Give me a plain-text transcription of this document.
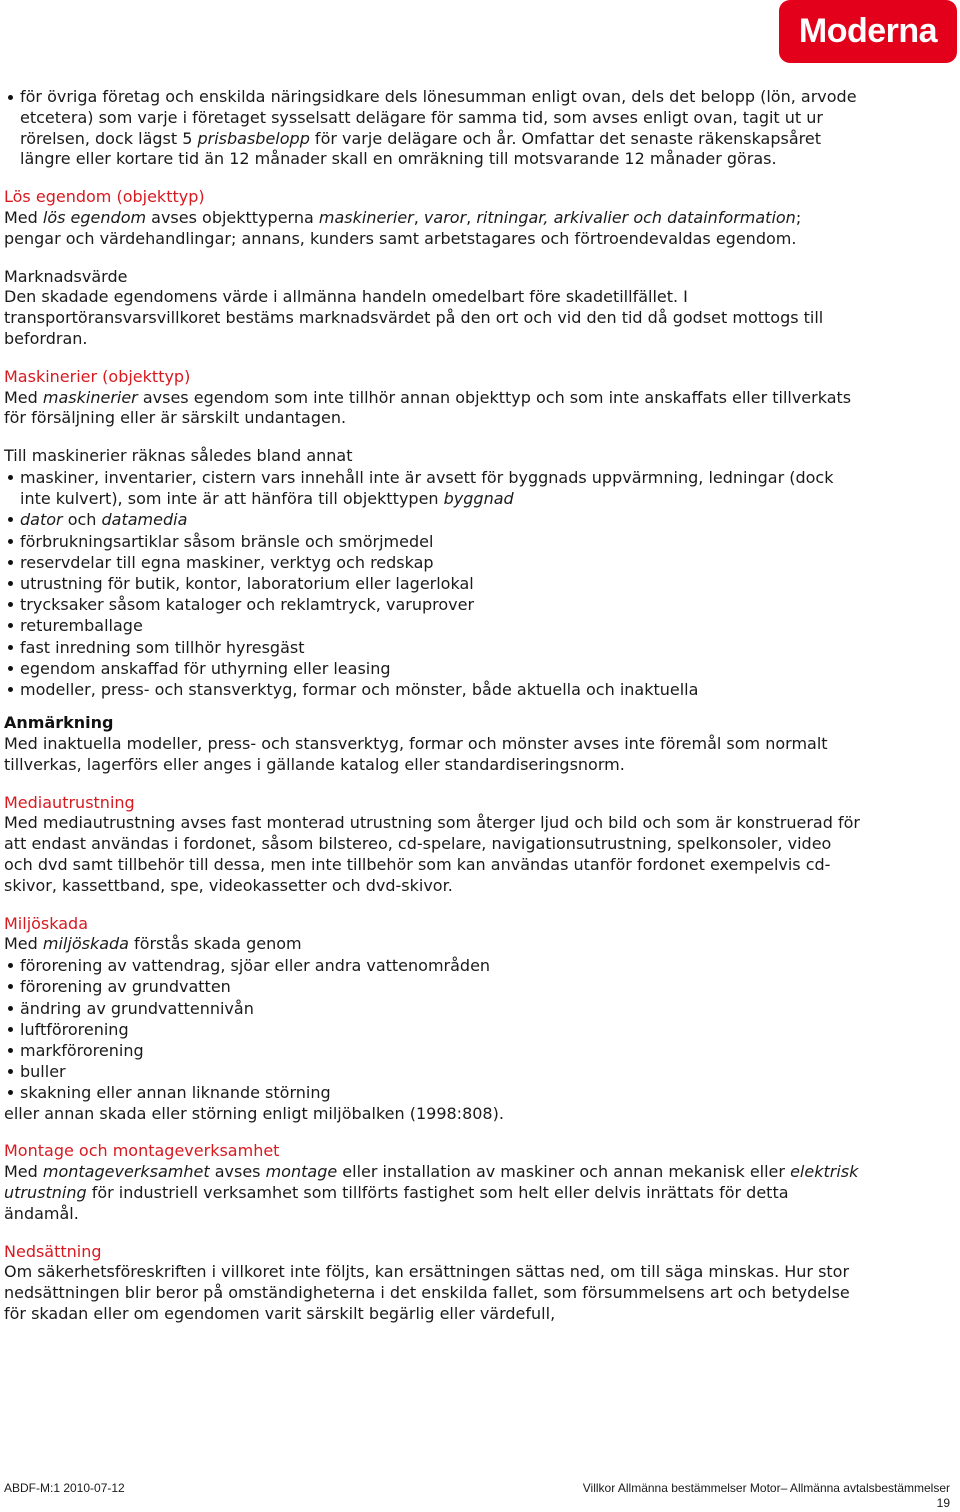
Moderna
för övriga företag och enskilda näringsidkare dels lönesumman enligt ovan, dels det belopp (lön, arvode etcetera) som varje i företaget sysselsatt delägare för samma tid, som avses enligt ovan, tagit ut ur rörelsen, dock lägst 5 prisbasbelopp för varje delägare och år. Omfattar det senaste räkenskapsåret längre eller kortare tid än 12 månader skall en omräkning till motsvarande 12 månader göras.
Lös egendom (objekttyp)

Med lös egendom avses objekttyperna maskinerier, varor, ritningar, arkivalier och datainformation; pengar och värdehandlingar; annans, kunders samt arbetstagares och förtroendevaldas egendom.

Marknadsvärde

Den skadade egendomens värde i allmänna handeln omedelbart före skadetillfället. I transportöransvarsvillkoret bestäms marknadsvärdet på den ort och vid den tid då godset mottogs till befordran.

Maskinerier (objekttyp)

Med maskinerier avses egendom som inte tillhör annan objekttyp och som inte anskaffats eller tillverkats för försäljning eller är särskilt undantagen.

Till maskinerier räknas således bland annat

maskiner, inventarier, cistern vars innehåll inte är avsett för byggnads uppvärmning, ledningar (dock inte kulvert), som inte är att hänföra till objekttypen byggnad
dator och datamedia
förbrukningsartiklar såsom bränsle och smörjmedel
reservdelar till egna maskiner, verktyg och redskap
utrustning för butik, kontor, laboratorium eller lagerlokal
trycksaker såsom kataloger och reklamtryck, varuprover
returemballage
fast inredning som tillhör hyresgäst
egendom anskaffad för uthyrning eller leasing
modeller, press- och stansverktyg, formar och mönster, både aktuella och inaktuella
Anmärkning

Med inaktuella modeller, press- och stansverktyg, formar och mönster avses inte föremål som normalt tillverkas, lagerförs eller anges i gällande katalog eller standardiseringsnorm.

Mediautrustning

Med mediautrustning avses fast monterad utrustning som återger ljud och bild och som är konstruerad för att endast användas i fordonet, såsom bilstereo, cd-spelare, navigationsutrustning, spelkonsoler, video och dvd samt tillbehör till dessa, men inte tillbehör som kan användas utanför fordonet exempelvis cd-skivor, kassettband, spe, videokassetter och dvd-skivor.

Miljöskada

Med miljöskada förstås skada genom

förorening av vattendrag, sjöar eller andra vattenområden
förorening av grundvatten
ändring av grundvattennivån
luftförorening
markförorening
buller
skakning eller annan liknande störning

eller annan skada eller störning enligt miljöbalken (1998:808).

Montage och montageverksamhet

Med montageverksamhet avses montage eller installation av maskiner och annan mekanisk eller elektrisk utrustning för industriell verksamhet som tillförts fastighet som helt eller delvis inrättats för detta ändamål.

Nedsättning

Om säkerhetsföreskriften i villkoret inte följts, kan ersättningen sättas ned, om till säga minskas. Hur stor nedsättningen blir beror på omständigheterna i det enskilda fallet, som försummelsens art och betydelse för skadan eller om egendomen varit särskilt begärlig eller värdefull,

ABDF-M:1 2010-07-12	Villkor Allmänna bestämmelser Motor– Allmänna avtalsbestämmelser
19
